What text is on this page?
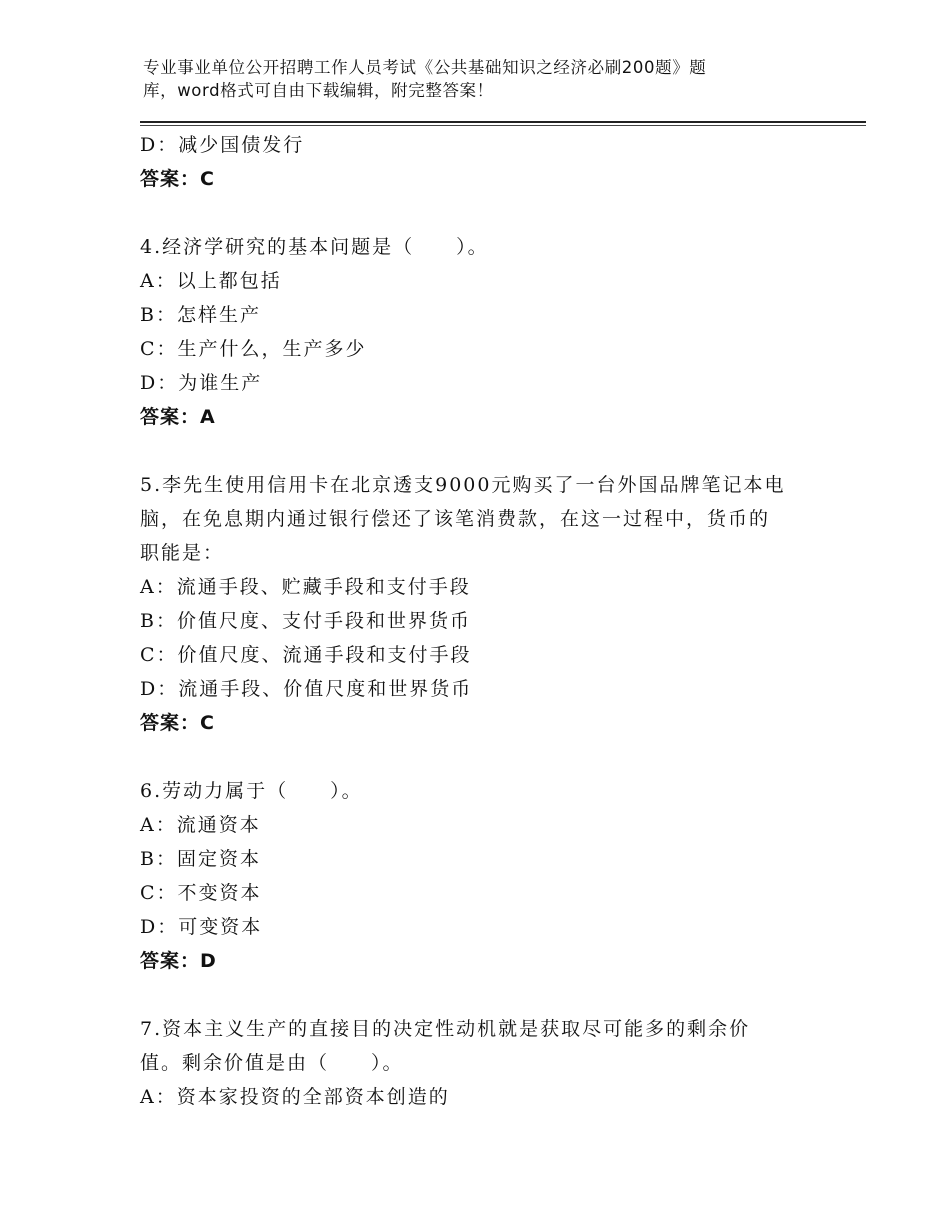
专业事业单位公开招聘工作人员考试《公共基础知识之经济必刷200题》题
库，word格式可自由下载编辑，附完整答案！
D：减少国债发行
答案：C
4.经济学研究的基本问题是（　　）。
A：以上都包括
B：怎样生产
C：生产什么，生产多少
D：为谁生产
答案：A
5.李先生使用信用卡在北京透支9000元购买了一台外国品牌笔记本电
脑，在免息期内通过银行偿还了该笔消费款，在这一过程中，货币的
职能是：
A：流通手段、贮藏手段和支付手段
B：价值尺度、支付手段和世界货币
C：价值尺度、流通手段和支付手段
D：流通手段、价值尺度和世界货币
答案：C
6.劳动力属于（　　）。
A：流通资本
B：固定资本
C：不变资本
D：可变资本
答案：D
7.资本主义生产的直接目的决定性动机就是获取尽可能多的剩余价
值。剩余价值是由（　　）。
A：资本家投资的全部资本创造的
